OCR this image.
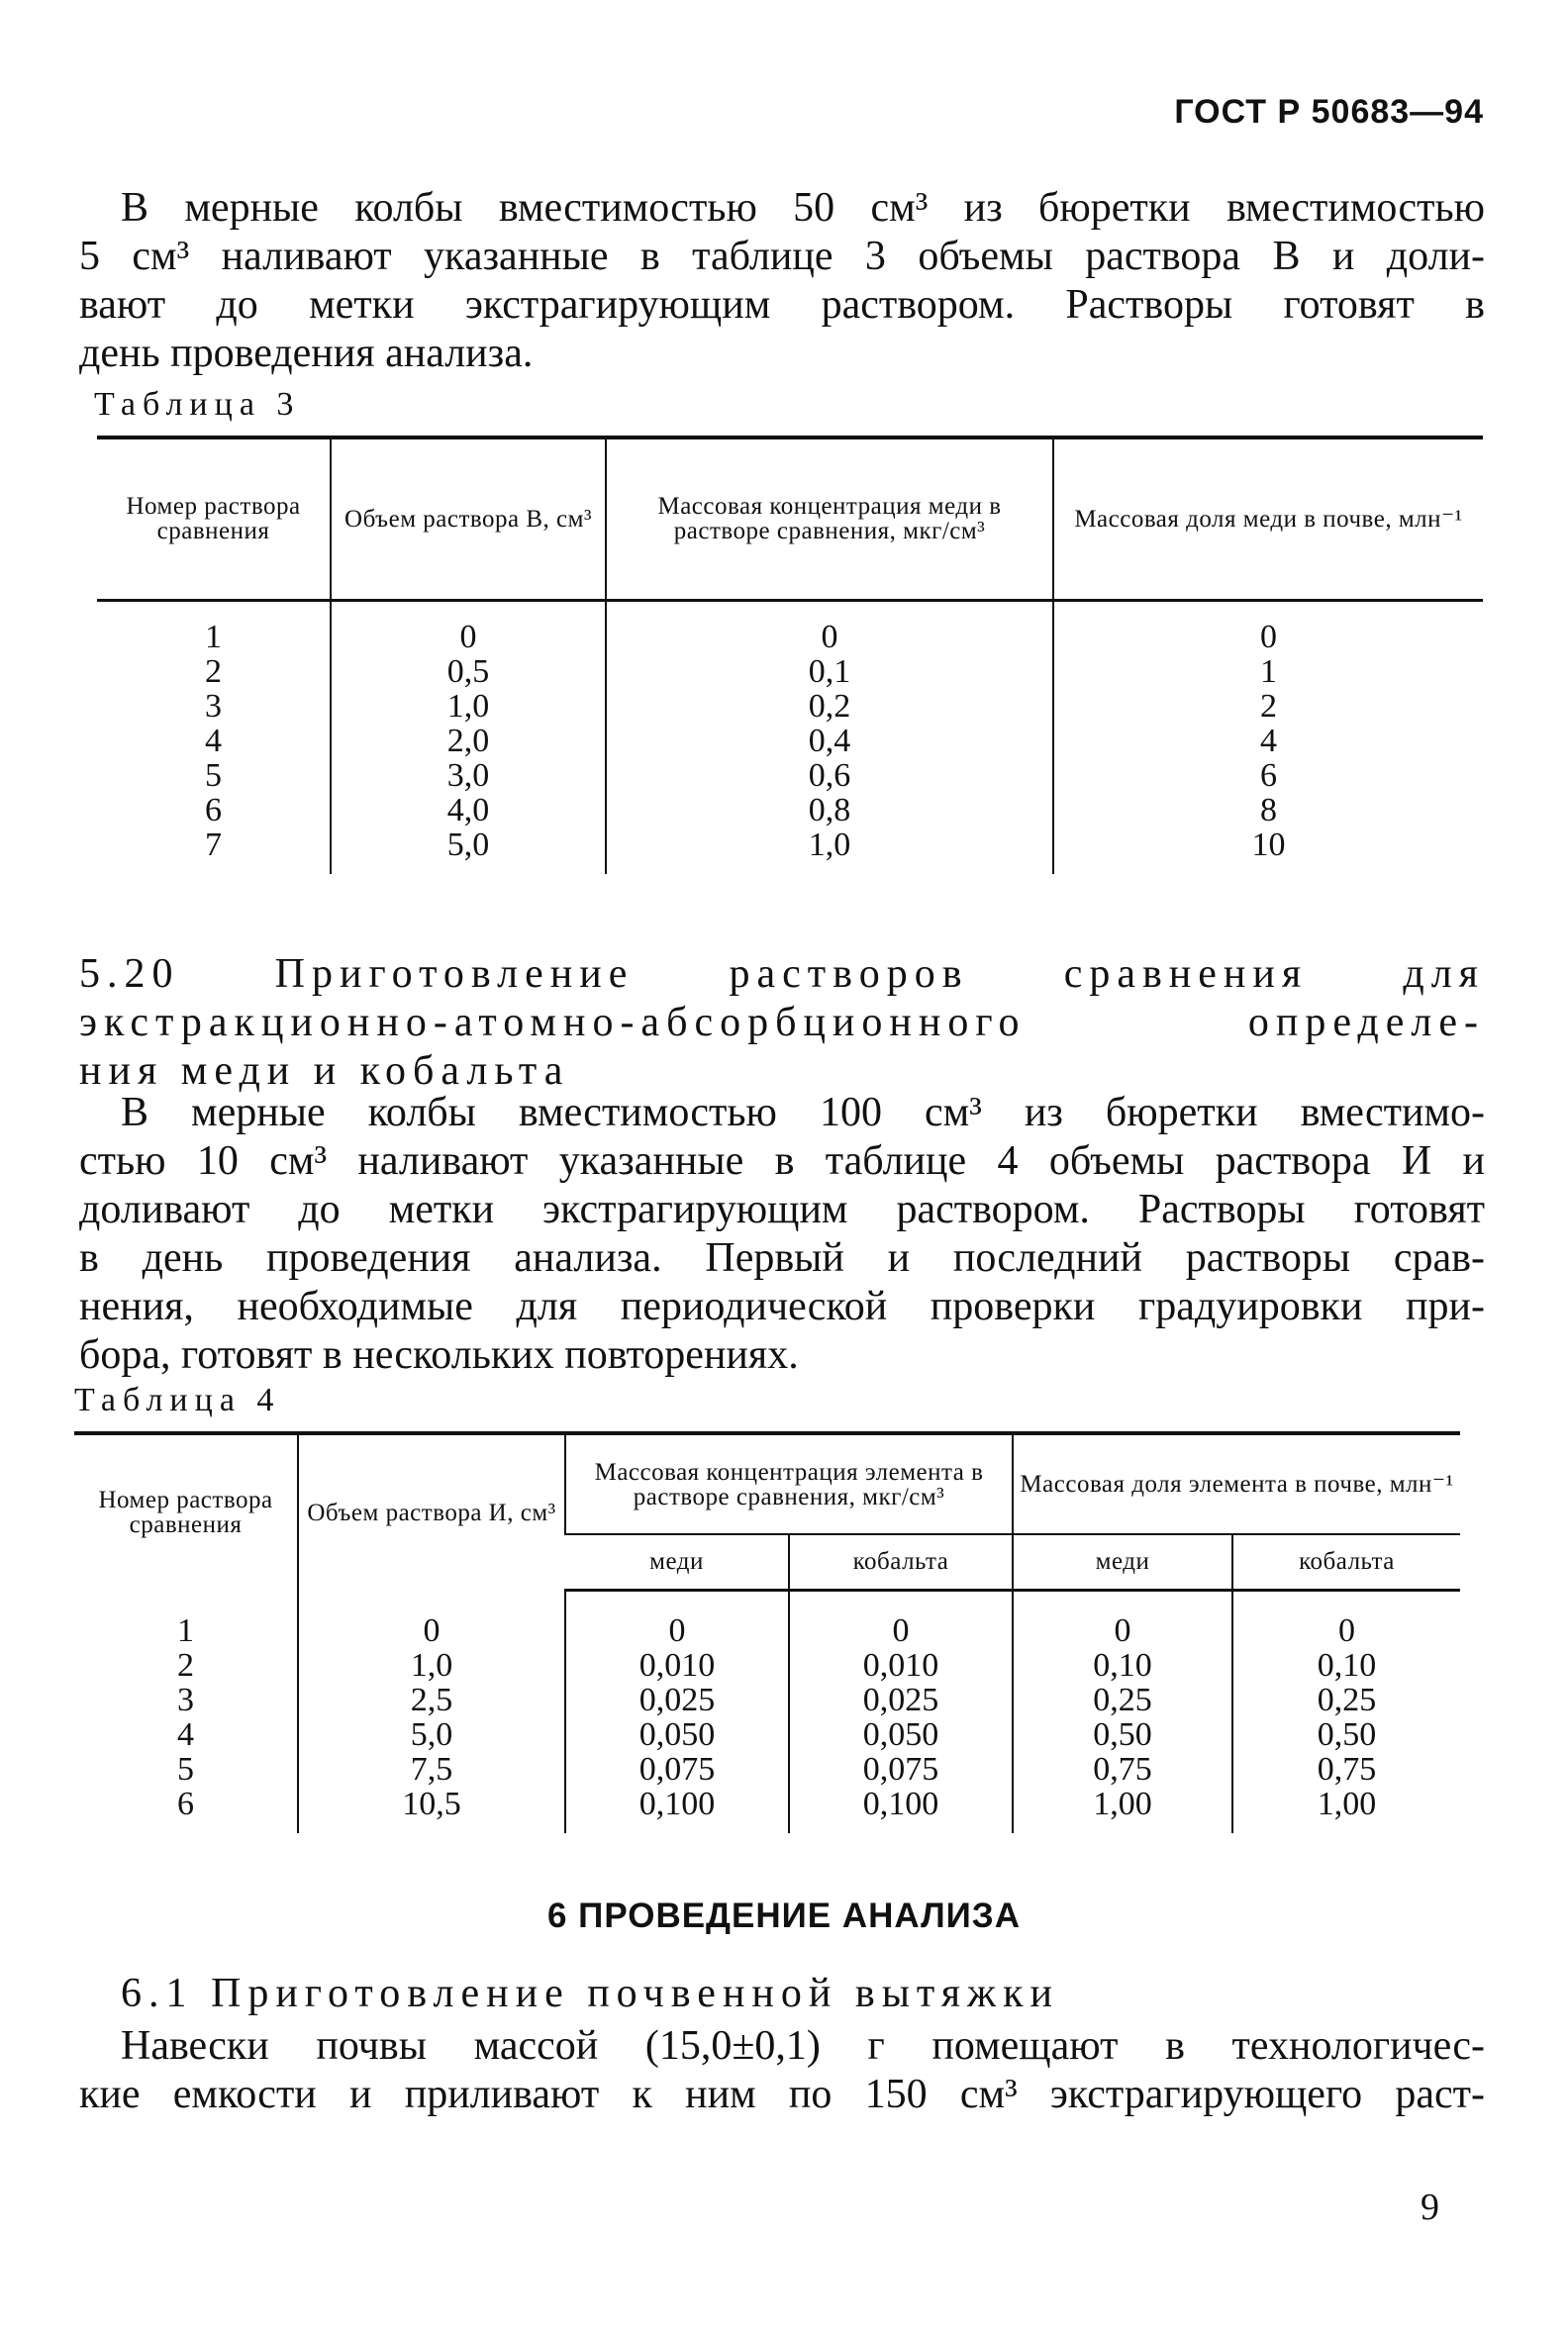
ГОСТ Р 50683—94
В мерные колбы вместимостью 50 см³ из бюретки вместимостью
5 см³ наливают указанные в таблице 3 объемы раствора В и доли-
вают до метки экстрагирующим раствором. Растворы готовят в
день проведения анализа.
Таблица 3
Номер раствора сравнения	Объем раствора В, см³	Массовая концентрация меди в растворе сравнения, мкг/см³	Массовая доля меди в почве, млн⁻¹

1	0	0	0
2	0,5	0,1	1
3	1,0	0,2	2
4	2,0	0,4	4
5	3,0	0,6	6
6	4,0	0,8	8
7	5,0	1,0	10

5.20 Приготовление растворов сравнения для
экстракционно-атомно-абсорбционного определе-
ния меди и кобальта
В мерные колбы вместимостью 100 см³ из бюретки вместимо-
стью 10 см³ наливают указанные в таблице 4 объемы раствора И и
доливают до метки экстрагирующим раствором. Растворы готовят
в день проведения анализа. Первый и последний растворы срав-
нения, необходимые для периодической проверки градуировки при-
бора, готовят в нескольких повторениях.
Таблица 4
Номер раствора сравнения	Объем раствора И, см³	Массовая концентрация элемента в растворе сравнения, мкг/см³		Массовая доля элемента в почве, млн⁻¹	
		меди	кобальта	меди	кобальта

1	0	0	0	0	0
2	1,0	0,010	0,010	0,10	0,10
3	2,5	0,025	0,025	0,25	0,25
4	5,0	0,050	0,050	0,50	0,50
5	7,5	0,075	0,075	0,75	0,75
6	10,5	0,100	0,100	1,00	1,00

6 ПРОВЕДЕНИЕ АНАЛИЗА
6.1 Приготовление почвенной вытяжки
Навески почвы массой (15,0±0,1) г помещают в технологичес-
кие емкости и приливают к ним по 150 см³ экстрагирующего раст-
9
